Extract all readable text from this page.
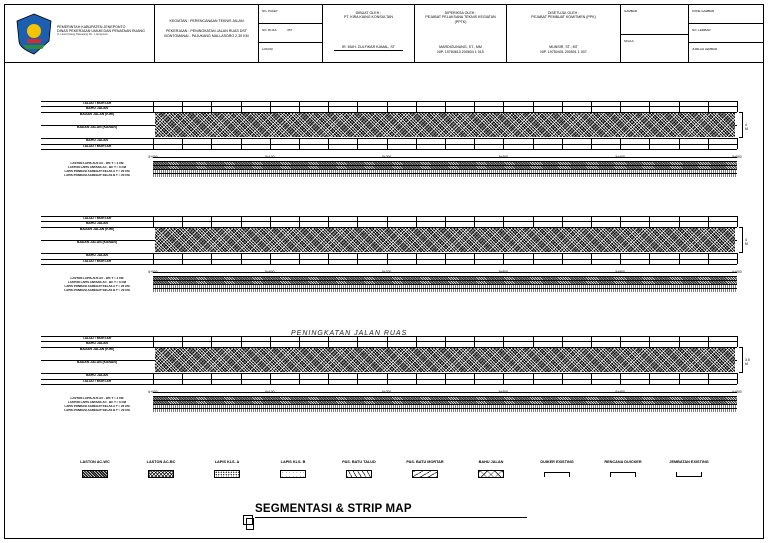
PEMERINTAH KABUPATEN JENEPONTO
DINAS PEKERJAAN UMUM DAN PENATAAN RUANG
Jl. Lanto Daeng Pasewang No. 1 Jeneponto
KEGIATAN : PERENCANAAN TEKNIS JALAN
PEKERJAAN : PENINGKATAN JALAN RUAS DST BONTOMANAI - PAJUKANG MALLASORO 2.30 KM
NO. PAKET
NO. RUAS	057
LOKASI
DIBUAT OLEH :
PT. KIRA KIANG KONSULTAN
IR. MUH. ZULFIKAR KAMAL, ST
DIPERIKSA OLEH :
PEJABAT PELAKSANA TEKNIS KEGIATAN (PPTK)
MARDIGUNUNG, ST., MM
NIP. 19760613 200604 1 015
DISETUJUI OLEH :
PEJABAT PEMBUAT KOMITMEN (PPK)
MUNSIR, ST., MT
NIP. 19750401 200501 1 007
GAMBAR
SKALA
KODE GAMBAR
NO. LEMBAR
JUMLAH LEMBAR
TALUD / MORTAR
BAHU JALAN
BADAN JALAN (KIRI)
BADAN JALAN (KANAN)
BAHU JALAN
TALUD / MORTAR
4 M
5+000	5+100	5+200	5+300	5+400	5+500
LASTON LAPIS AUS AC - WC T = 4 CM
LASTON LAPIS ANTARA AC - BC T = 6 CM
LAPIS PONDASI AGREGAT KELAS A T = 20 CM
LAPIS PONDASI AGREGAT KELAS B T = 20 CM
TALUD / MORTAR
BAHU JALAN
BADAN JALAN (KIRI)
BADAN JALAN (KANAN)
BAHU JALAN
TALUD / MORTAR
4 M
5+500	5+600	5+700	5+800	5+900	6+000
LASTON LAPIS AUS AC - WC T = 4 CM
LASTON LAPIS ANTARA AC - BC T = 6 CM
LAPIS PONDASI AGREGAT KELAS A T = 20 CM
LAPIS PONDASI AGREGAT KELAS B T = 20 CM
TALUD / MORTAR
BAHU JALAN
BADAN JALAN (KIRI)
BADAN JALAN (KANAN)
BAHU JALAN
TALUD / MORTAR
3.5 M
6+000	6+100	6+200	6+300	6+400	6+500
LASTON LAPIS AUS AC - WC T = 4 CM
LASTON LAPIS ANTARA AC - BC T = 6 CM
LAPIS PONDASI AGREGAT KELAS A T = 20 CM
LAPIS PONDASI AGREGAT KELAS B T = 20 CM
PENINGKATAN JALAN RUAS
LASTON AC-WC	LASTON AC-BC	LAPIS KLS. A	LAPIS KLS. B	PAS. BATU TALUD	PAS. BATU MORTAR	BAHU JALAN	DUIKER EXISTING	RENCANA DUICKER	JEMBATAN EXISTING
SEGMENTASI & STRIP MAP
